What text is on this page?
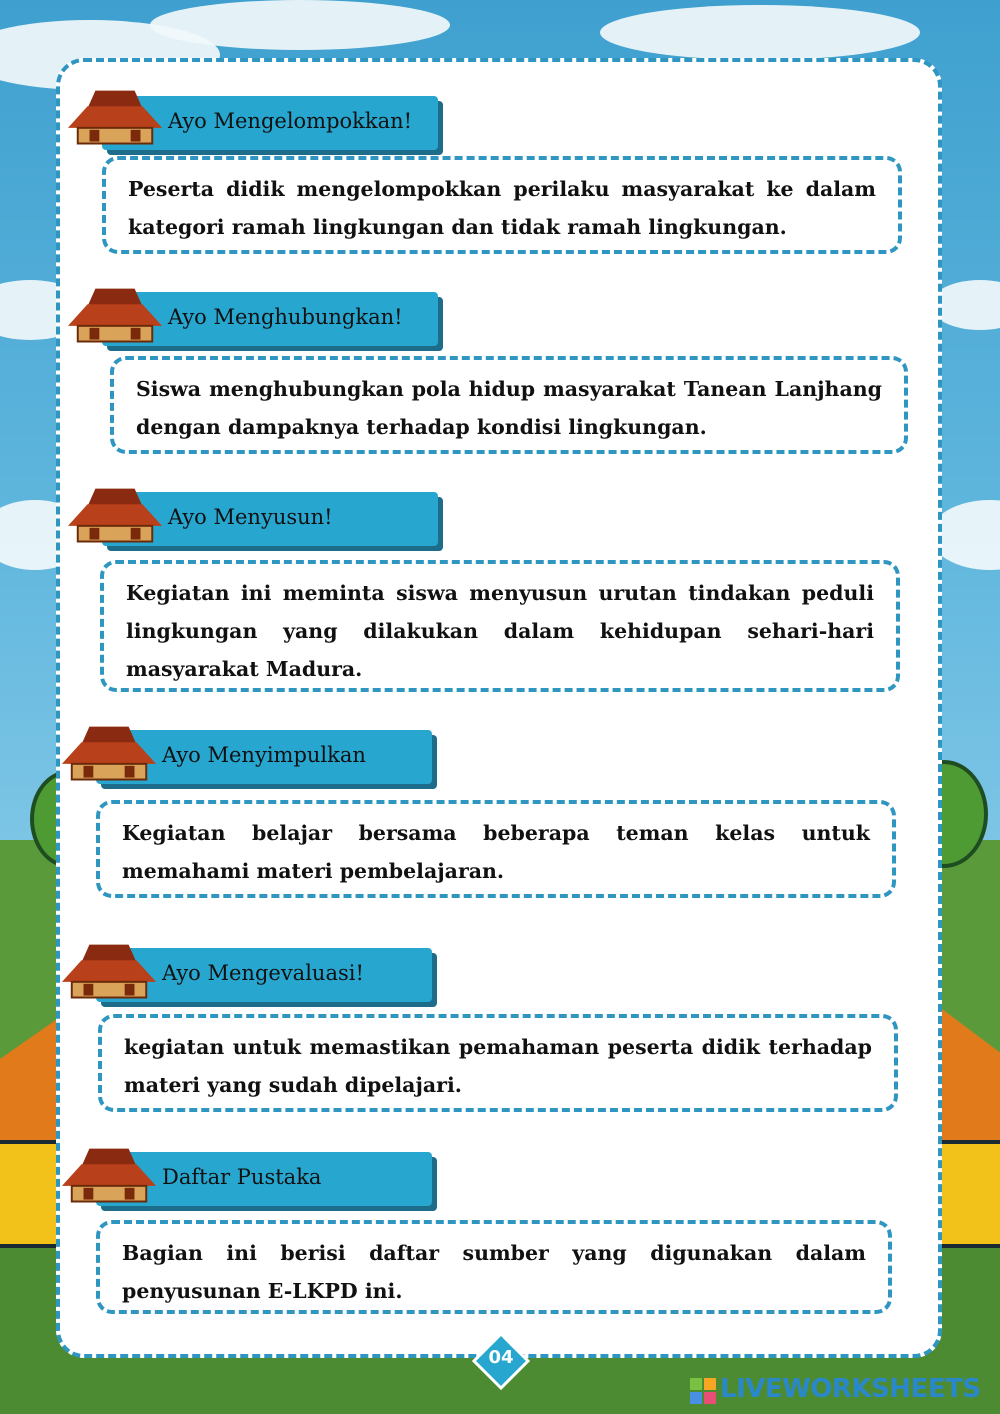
Ayo Mengelompokkan!
Peserta didik mengelompokkan perilaku masyarakat ke dalam kategori ramah lingkungan dan tidak ramah lingkungan.
Ayo Menghubungkan!
Siswa menghubungkan pola hidup masyarakat Tanean Lanjhang dengan dampaknya terhadap kondisi lingkungan.
Ayo Menyusun!
Kegiatan ini meminta siswa menyusun urutan tindakan peduli lingkungan yang dilakukan dalam kehidupan sehari-hari masyarakat Madura.
Ayo Menyimpulkan
Kegiatan belajar bersama beberapa teman kelas untuk memahami materi pembelajaran.
Ayo Mengevaluasi!
kegiatan untuk memastikan pemahaman peserta didik terhadap materi yang sudah dipelajari.
Daftar Pustaka
Bagian ini berisi daftar sumber yang digunakan dalam penyusunan E-LKPD ini.
04
LIVEWORKSHEETS
